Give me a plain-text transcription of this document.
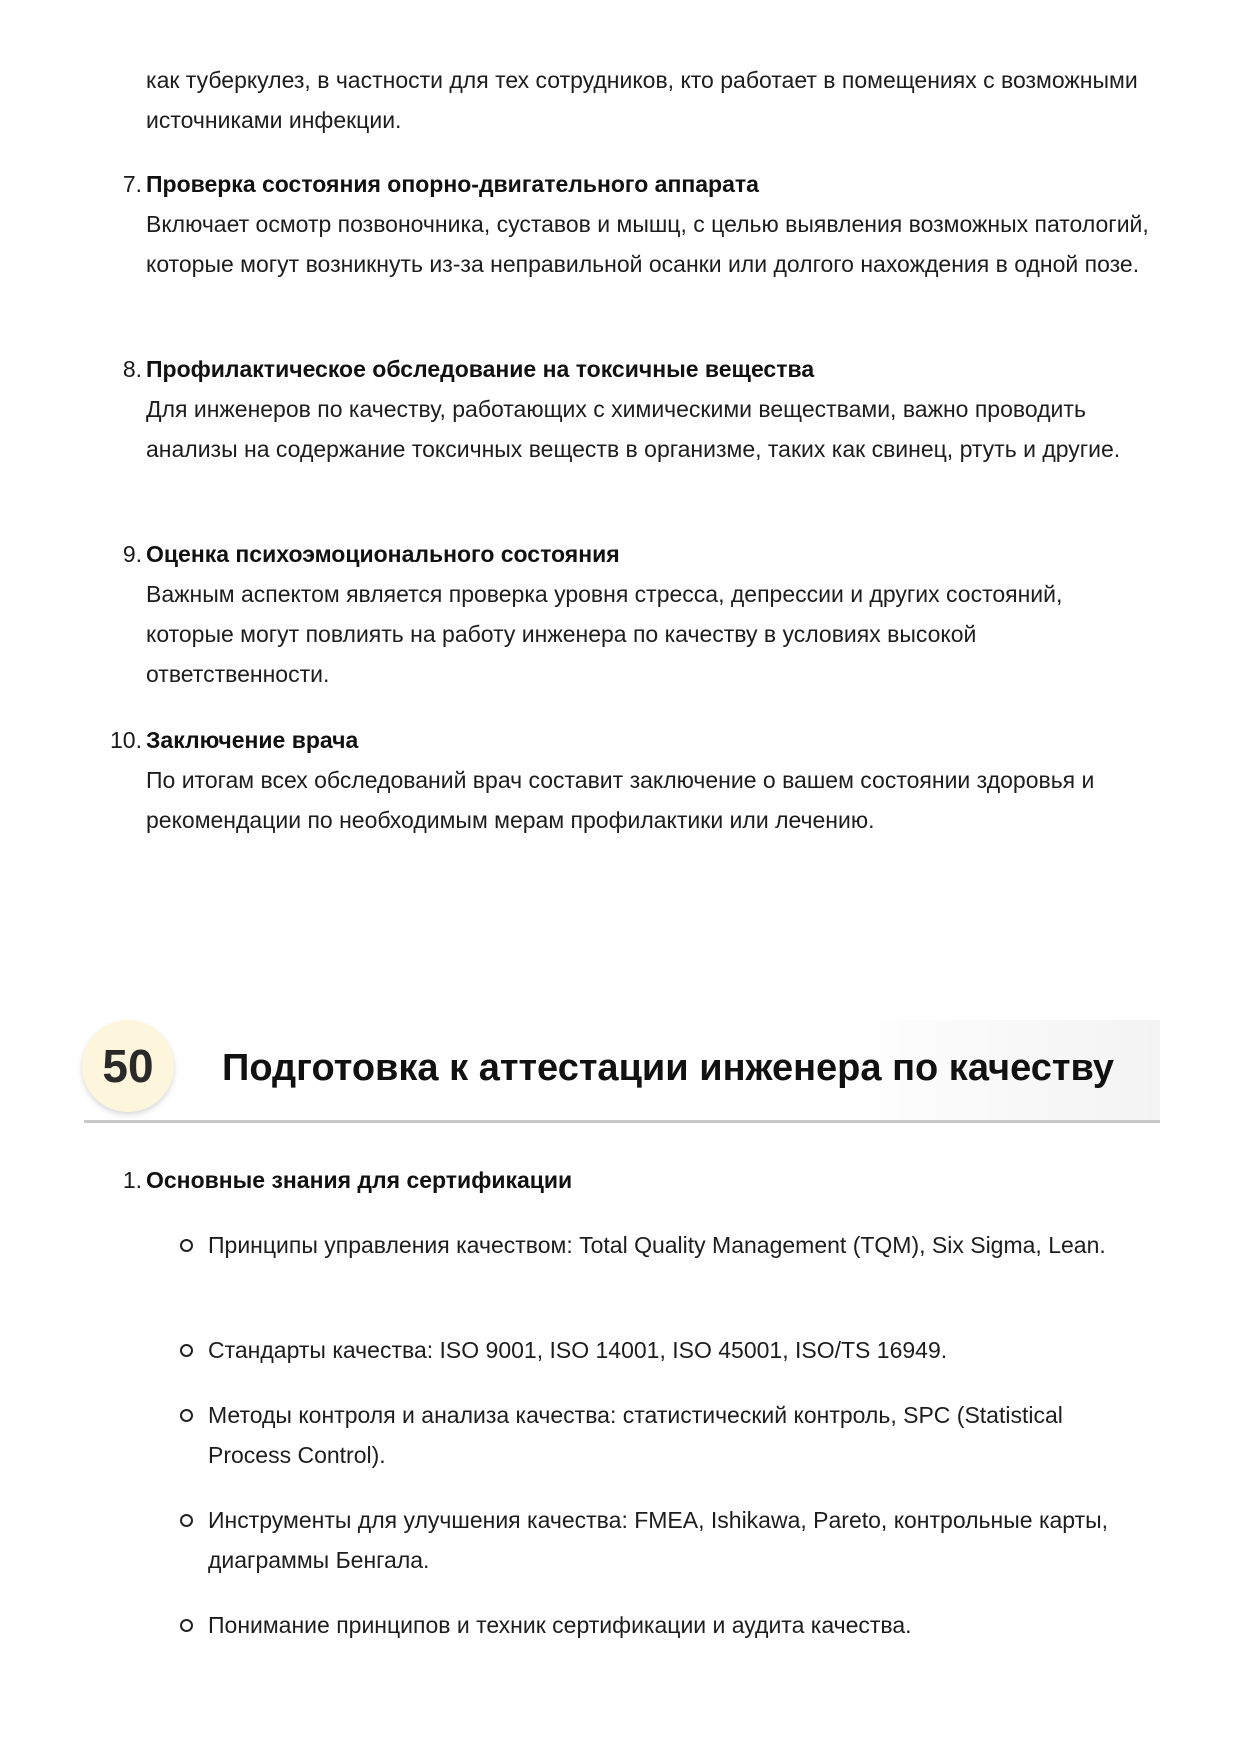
как туберкулез, в частности для тех сотрудников, кто работает в помещениях с возможными источниками инфекции.
7. Проверка состояния опорно-двигательного аппарата
Включает осмотр позвоночника, суставов и мышц, с целью выявления возможных патологий, которые могут возникнуть из-за неправильной осанки или долгого нахождения в одной позе.
8. Профилактическое обследование на токсичные вещества
Для инженеров по качеству, работающих с химическими веществами, важно проводить анализы на содержание токсичных веществ в организме, таких как свинец, ртуть и другие.
9. Оценка психоэмоционального состояния
Важным аспектом является проверка уровня стресса, депрессии и других состояний, которые могут повлиять на работу инженера по качеству в условиях высокой ответственности.
10. Заключение врача
По итогам всех обследований врач составит заключение о вашем состоянии здоровья и рекомендации по необходимым мерам профилактики или лечению.
50	Подготовка к аттестации инженера по качеству
1. Основные знания для сертификации
Принципы управления качеством: Total Quality Management (TQM), Six Sigma, Lean.
Стандарты качества: ISO 9001, ISO 14001, ISO 45001, ISO/TS 16949.
Методы контроля и анализа качества: статистический контроль, SPC (Statistical Process Control).
Инструменты для улучшения качества: FMEA, Ishikawa, Pareto, контрольные карты, диаграммы Бенгала.
Понимание принципов и техник сертификации и аудита качества.
